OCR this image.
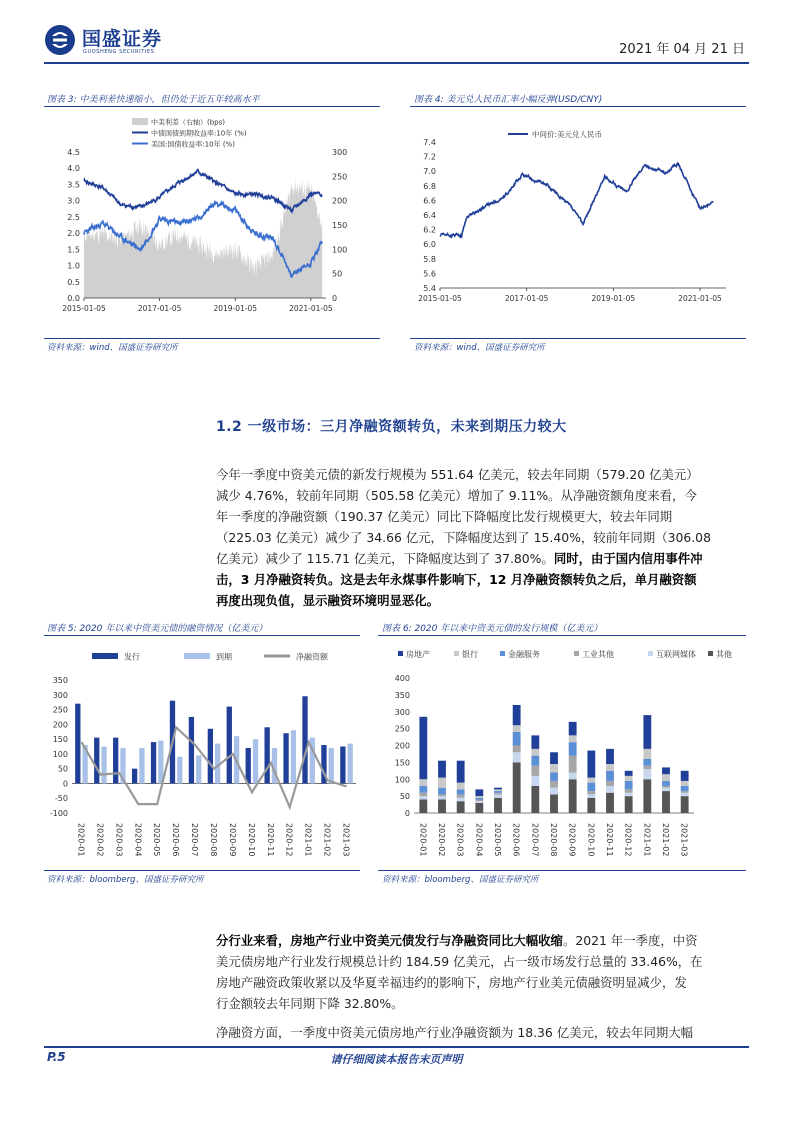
国盛证券
GUOSHENG SECURITIES	2021 年 04 月 21 日
图表 3: 中美利差快速缩小，但仍处于近五年较高水平
中美利差（右轴）(bps)
中债国债到期收益率:10年 (%)
美国:国债收益率:10年 (%)
4.5
4.0
3.5
3.0
2.5
2.0
1.5
1.0
0.5
0.0
300
250
200
150
100
50
0
2015-01-05	2017-01-05	2019-01-05	2021-01-05
资料来源：wind、国盛证券研究所
图表 4: 美元兑人民币汇率小幅反弹(USD/CNY)
中间价:美元兑人民币
7.4
7.2
7.0
6.8
6.6
6.4
6.2
6.0
5.8
5.6
5.4
2015-01-05	2017-01-05	2019-01-05	2021-01-05
资料来源：wind、国盛证券研究所
1.2 一级市场：三月净融资额转负，未来到期压力较大
今年一季度中资美元债的新发行规模为 551.64 亿美元，较去年同期（579.20 亿美元）
减少 4.76%，较前年同期（505.58 亿美元）增加了 9.11%。从净融资额角度来看，今
年一季度的净融资额（190.37 亿美元）同比下降幅度比发行规模更大，较去年同期
（225.03 亿美元）减少了 34.66 亿元，下降幅度达到了 15.40%，较前年同期（306.08
亿美元）减少了 115.71 亿美元，下降幅度达到了 37.80%。同时，由于国内信用事件冲
击，3 月净融资转负。这是去年永煤事件影响下，12 月净融资额转负之后，单月融资额
再度出现负值，显示融资环境明显恶化。
图表 5: 2020 年以来中资美元债的融资情况（亿美元）
发行	到期	净融资额
350
300
250
200
150
100
50
0
-50
-100
2020-01 2020-02 2020-03 2020-04 2020-05 2020-06 2020-07 2020-08 2020-09 2020-10 2020-11 2020-12 2021-01 2021-02 2021-03
资料来源：bloomberg、国盛证券研究所
图表 6: 2020 年以来中资美元债的发行规模（亿美元）
房地产	银行	金融服务	工业其他	互联网媒体	其他
400
350
300
250
200
150
100
50
0
2020-01 2020-02 2020-03 2020-04 2020-05 2020-06 2020-07 2020-08 2020-09 2020-10 2020-11 2020-12 2021-01 2021-02 2021-03
资料来源：bloomberg、国盛证券研究所
分行业来看，房地产行业中资美元债发行与净融资同比大幅收缩。2021 年一季度，中资
美元债房地产行业发行规模总计约 184.59 亿美元，占一级市场发行总量的 33.46%，在
房地产融资政策收紧以及华夏幸福违约的影响下，房地产行业美元债融资明显减少，发
行金额较去年同期下降 32.80%。
净融资方面，一季度中资美元债房地产行业净融资额为 18.36 亿美元，较去年同期大幅
P.5	请仔细阅读本报告末页声明
